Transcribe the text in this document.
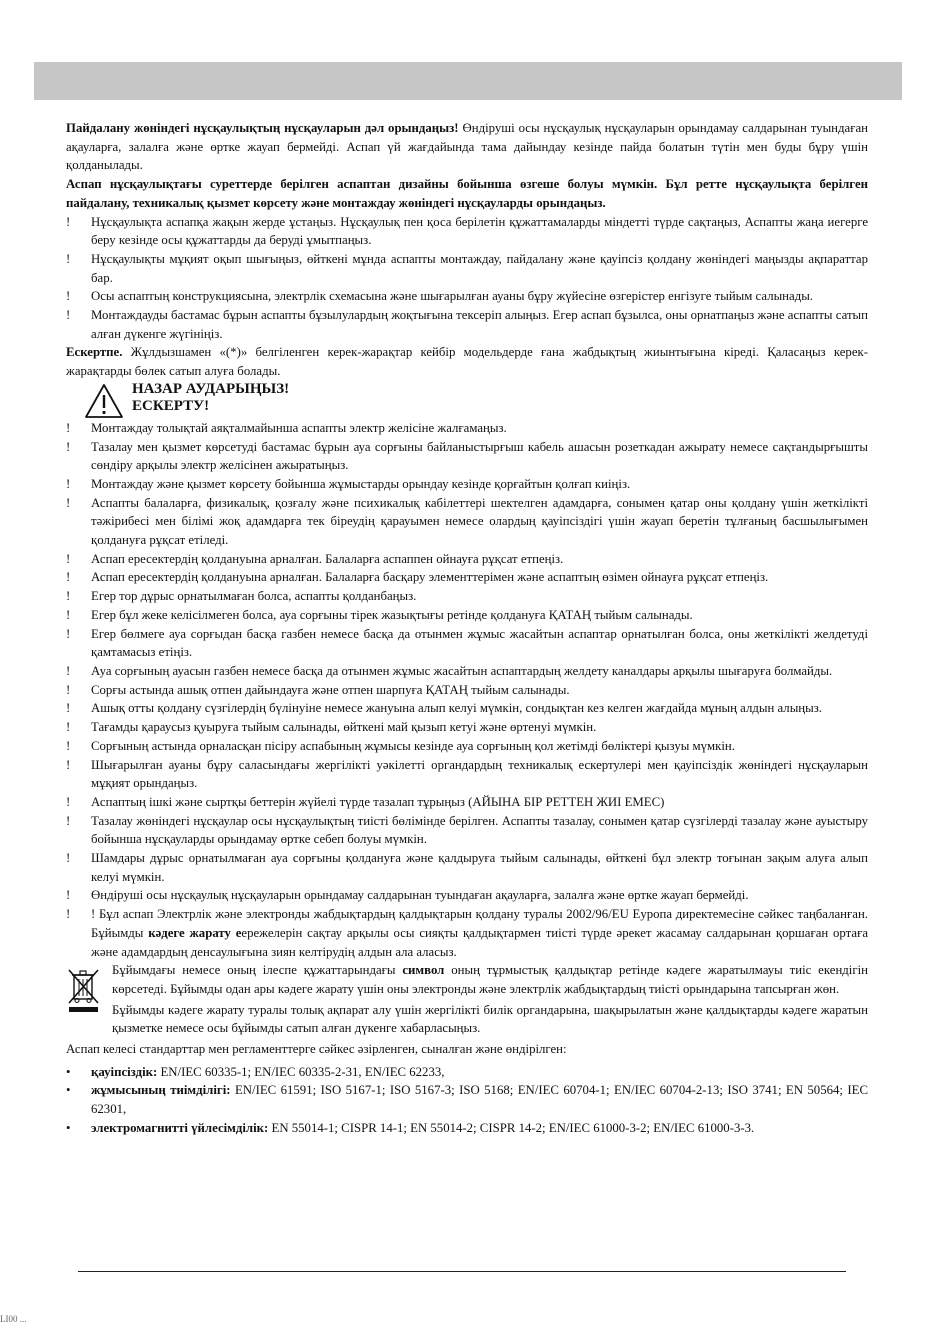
Пайдалану жөніндегі нұсқаулықтың нұсқауларын дәл орындаңыз! Өндіруші осы нұсқаулық нұсқауларын орындамау салдарынан туындаған ақауларға, залалға және өртке жауап бермейді. Аспап үй жағдайында тама дайындау кезінде пайда болатын түтін мен буды бұру үшін қолданылады.

Аспап нұсқаулықтағы суреттерде берілген аспаптан дизайны бойынша өзгеше болуы мүмкін. Бұл ретте нұсқаулықта берілген пайдалану, техникалық қызмет көрсету және монтаждау жөніндегі нұсқауларды орындаңыз.

! Нұсқаулықта аспапқа жақын жерде ұстаңыз. Нұсқаулық пен қоса берілетін құжаттамаларды міндетті түрде сақтаңыз, Аспапты жаңа иегерге беру кезінде осы құжаттарды да беруді ұмытпаңыз.
! Нұсқаулықты мұқият оқып шығыңыз, өйткені мұнда аспапты монтаждау, пайдалану және қауіпсіз қолдану жөніндегі маңызды ақпараттар бар.
! Осы аспаптың конструкциясына, электрлік схемасына және шығарылған ауаны бұру жүйесіне өзгерістер енгізуге тыйым салынады.
! Монтаждауды бастамас бұрын аспапты бұзылулардың жоқтығына тексеріп алыңыз. Егер аспап бұзылса, оны орнатпаңыз және аспапты сатып алған дүкенге жүгініңіз.

Ескертпе. Жұлдызшамен «(*)» белгіленген керек-жарақтар кейбір модельдерде ғана жабдықтың жиынтығына кіреді. Қаласаңыз керек-жарақтарды бөлек сатып алуға болады.

НАЗАР АУДАРЫҢЫЗ!
ЕСКЕРТУ!
! Монтаждау толықтай аяқталмайынша аспапты электр желісіне жалғамаңыз.
! Тазалау мен қызмет көрсетуді бастамас бұрын ауа сорғыны байланыстырғыш кабель ашасын розеткадан ажырату немесе сақтандырғышты сөндіру арқылы электр желісінен ажыратыңыз.
! Монтаждау және қызмет көрсету бойынша жұмыстарды орындау кезінде қорғайтын қолғап киіңіз.
! Аспапты балаларға, физикалық, қозғалу және психикалық кабілеттері шектелген адамдарға, сонымен қатар оны қолдану үшін жеткілікті тәжірибесі мен білімі жоқ адамдарға тек біреудің қарауымен немесе олардың қауіпсіздігі үшін жауап беретін тұлғаның басшылығымен қолдануға рұқсат етіледі.
! Аспап ересектердің қолдануына арналған. Балаларға аспаппен ойнауға рұқсат етпеңіз.
! Аспап ересектердің қолдануына арналған. Балаларға басқару элементтерімен және аспаптың өзімен ойнауға рұқсат етпеңіз.
! Егер тор дұрыс орнатылмаған болса, аспапты қолданбаңыз.
! Егер бұл жеке келісілмеген болса, ауа сорғыны тірек жазықтығы ретінде қолдануға ҚАТАҢ тыйым салынады.
! Егер бөлмеге ауа сорғыдан басқа газбен немесе басқа да отынмен жұмыс жасайтын аспаптар орнатылған болса, оны жеткілікті желдетуді қамтамасыз етіңіз.
! Ауа сорғының ауасын газбен немесе басқа да отынмен жұмыс жасайтын аспаптардың желдету каналдары арқылы шығаруға болмайды.
! Сорғы астында ашық отпен дайындауға және отпен шарпуға ҚАТАҢ тыйым салынады.
! Ашық отты қолдану сүзгілердің бүлінуіне немесе жануына алып келуі мүмкін, сондықтан кез келген жағдайда мұның алдын алыңыз.
! Тағамды қараусыз қуыруға тыйым салынады, өйткені май қызып кетуі және өртенуі мүмкін.
! Сорғының астында орналасқан пісіру аспабының жұмысы кезінде ауа сорғының қол жетімді бөліктері қызуы мүмкін.
! Шығарылған ауаны бұру саласындағы жергілікті уәкілетті органдардың техникалық ескертулері мен қауіпсіздік жөніндегі нұсқауларын мұқият орындаңыз.
! Аспаптың ішкі және сыртқы беттерін жүйелі түрде тазалап тұрыңыз (АЙЫНА БІР РЕТТЕН ЖИІ ЕМЕС)
! Тазалау жөніндегі нұсқаулар осы нұсқаулықтың тиісті бөлімінде берілген. Аспапты тазалау, сонымен қатар сүзгілерді тазалау және ауыстыру бойынша нұсқауларды орындамау өртке себеп болуы мүмкін.
! Шамдары дұрыс орнатылмаған ауа сорғыны қолдануға және қалдыруға тыйым салынады, өйткені бұл электр тоғынан зақым алуға алып келуі мүмкін.
! Өндіруші осы нұсқаулық нұсқауларын орындамау салдарынан туындаған ақауларға, залалға және өртке жауап бермейді.
! ! Бұл аспап Электрлік және электронды жабдықтардың қалдықтарын қолдану туралы 2002/96/EU Еуропа директемесіне сәйкес таңбаланған. Бұйымды кәдеге жарату еережелерін сақтау арқылы осы сияқты қалдықтармен тиісті түрде әрекет жасамау салдарынан қоршаған ортаға және адамдардың денсаулығына зиян келтірудің алдын ала аласыз.

Бұйымдағы немесе оның ілеспе құжаттарындағы символ оның тұрмыстық қалдықтар ретінде кәдеге жаратылмауы тиіс екендігін көрсетеді. Бұйымды одан ары кәдеге жарату үшін оны электронды және электрлік жабдықтардың тиісті орындарына тапсырған жөн.

Бұйымды кәдеге жарату туралы толық ақпарат алу үшін жергілікті билік органдарына, шақырылатын және қалдықтарды кәдеге жаратын қызметке немесе осы бұйымды сатып алған дүкенге хабарласыңыз.

Аспап келесі стандарттар мен регламенттерге сәйкес әзірленген, сыналған және өндірілген:

• қауіпсіздік: EN/IEC 60335-1; EN/IEC 60335-2-31, EN/IEC 62233,
• жұмысының тиімділігі: EN/IEC 61591; ISO 5167-1; ISO 5167-3; ISO 5168; EN/IEC 60704-1; EN/IEC 60704-2-13; ISO 3741; EN 50564; IEC 62301,
• электромагнитті үйлесімділік: EN 55014-1; CISPR 14-1; EN 55014-2; CISPR 14-2; EN/IEC 61000-3-2; EN/IEC 61000-3-3.
LI00 ...
